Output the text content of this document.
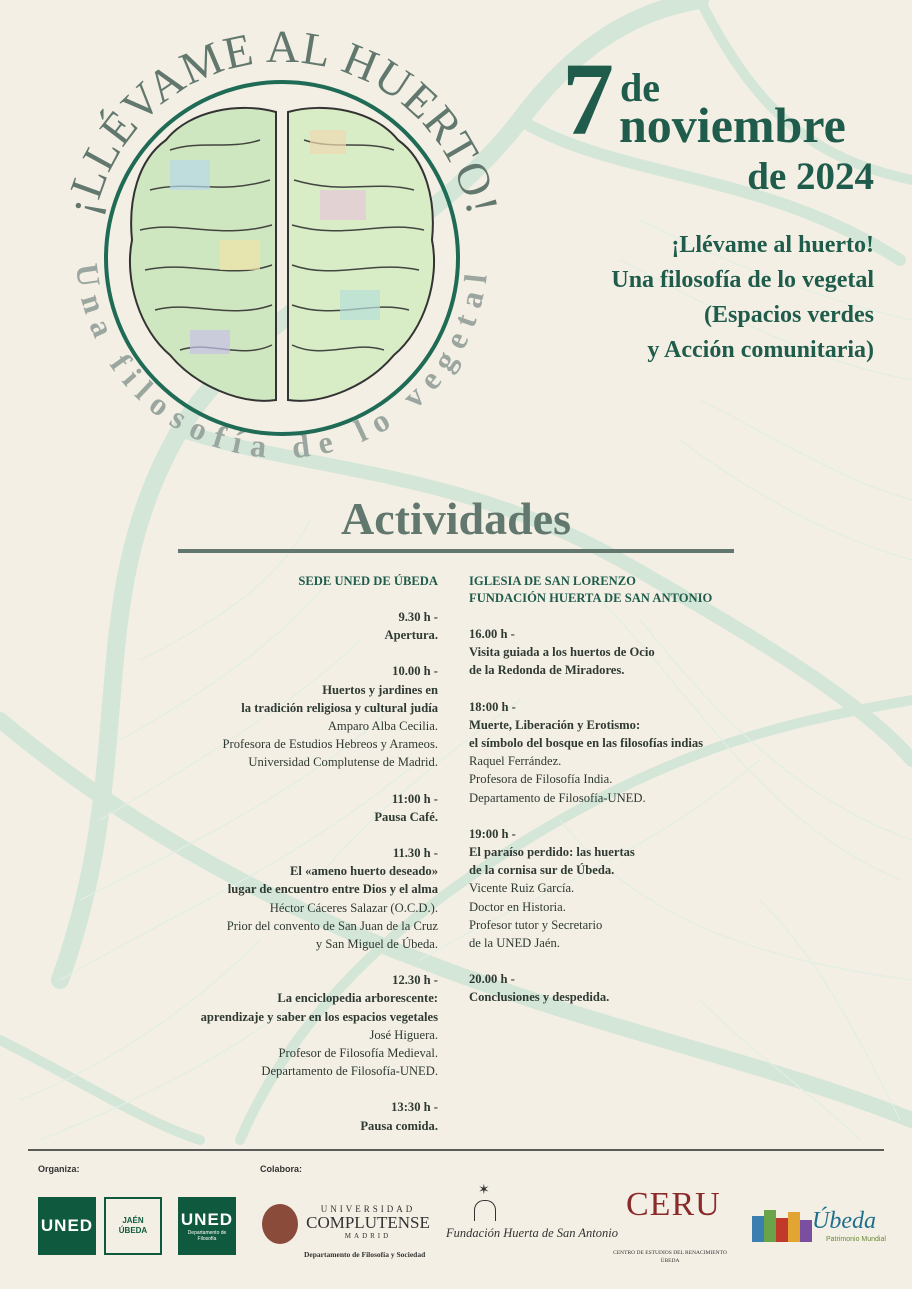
¡LLÉVAME AL HUERTO!
Una filosofía de lo vegetal
7 de
noviembre
de 2024
¡Llévame al huerto!
Una filosofía de lo vegetal
(Espacios verdes
y Acción comunitaria)
Actividades
SEDE UNED DE ÚBEDA
9.30 h -
Apertura.
10.00 h -
Huertos y jardines en
la tradición religiosa y cultural judía
Amparo Alba Cecilia.
Profesora de Estudios Hebreos y Arameos.
Universidad Complutense de Madrid.
11:00 h -
Pausa Café.
11.30 h -
El «ameno huerto deseado»
lugar de encuentro entre Dios y el alma
Héctor Cáceres Salazar (O.C.D.).
Prior del convento de San Juan de la Cruz
y San Miguel de Úbeda.
12.30 h -
La enciclopedia arborescente:
aprendizaje y saber en los espacios vegetales
José Higuera.
Profesor de Filosofía Medieval.
Departamento de Filosofía-UNED.
13:30 h -
Pausa comida.
IGLESIA DE SAN LORENZO
FUNDACIÓN HUERTA DE SAN ANTONIO
16.00 h -
Visita guiada a los huertos de Ocio
de la Redonda de Miradores.
18:00 h -
Muerte, Liberación y Erotismo:
el símbolo del bosque en las filosofías indias
Raquel Ferrández.
Profesora de Filosofía India.
Departamento de Filosofía-UNED.
19:00 h -
El paraíso perdido: las huertas
de la cornisa sur de Úbeda.
Vicente Ruiz García.
Doctor en Historia.
Profesor tutor y Secretario
de la UNED Jaén.
20.00 h -
Conclusiones y despedida.
Organiza:	Colabora:
UNED	JAÉN
ÚBEDA
UNED
Departamento de
Filosofía
UNIVERSIDAD
COMPLUTENSE
MADRID
Departamento de Filosofía y Sociedad
✶
Fundación Huerta de San Antonio
CERU
CENTRO DE ESTUDIOS DEL RENACIMIENTO
ÚBEDA
Úbeda
Patrimonio Mundial
